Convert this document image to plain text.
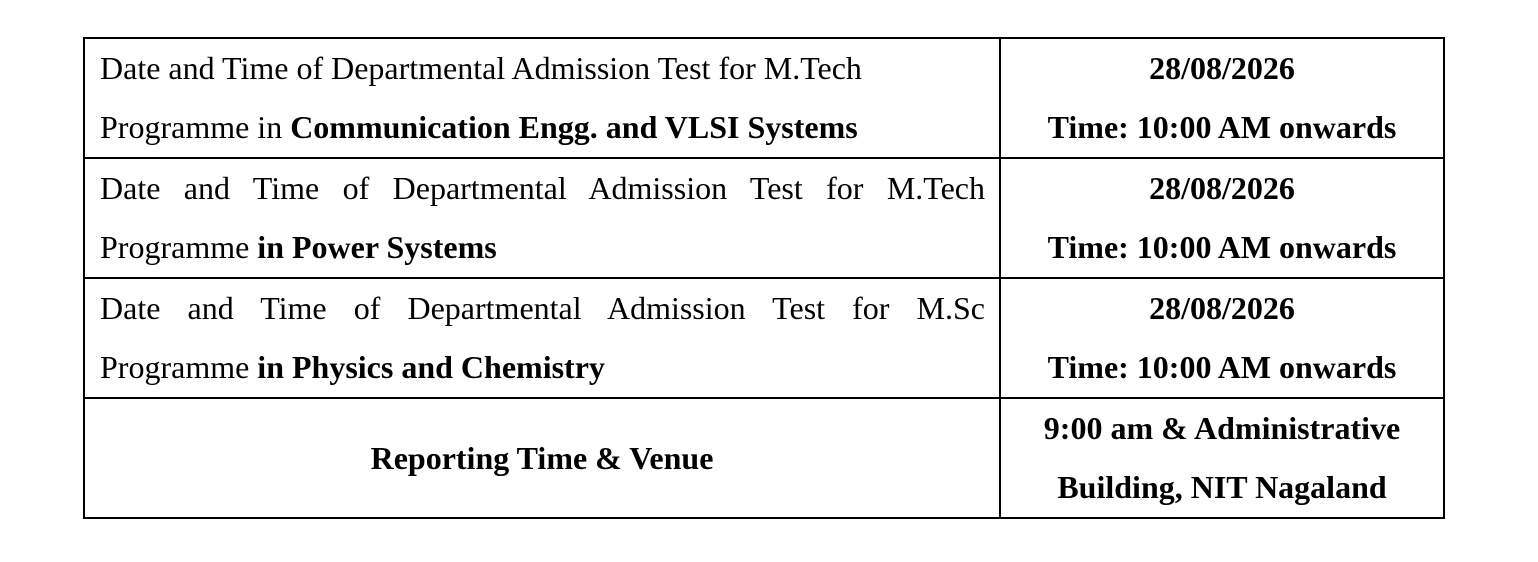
Date and Time of Departmental Admission Test for M.Tech
Programme in Communication Engg. and VLSI Systems	28/08/2026
Time: 10:00 AM onwards

Date and Time of Departmental Admission Test for M.Tech
Programme in Power Systems	28/08/2026
Time: 10:00 AM onwards

Date and Time of Departmental Admission Test for M.Sc
Programme in Physics and Chemistry	28/08/2026
Time: 10:00 AM onwards

Reporting Time & Venue	9:00 am & Administrative
Building, NIT Nagaland
